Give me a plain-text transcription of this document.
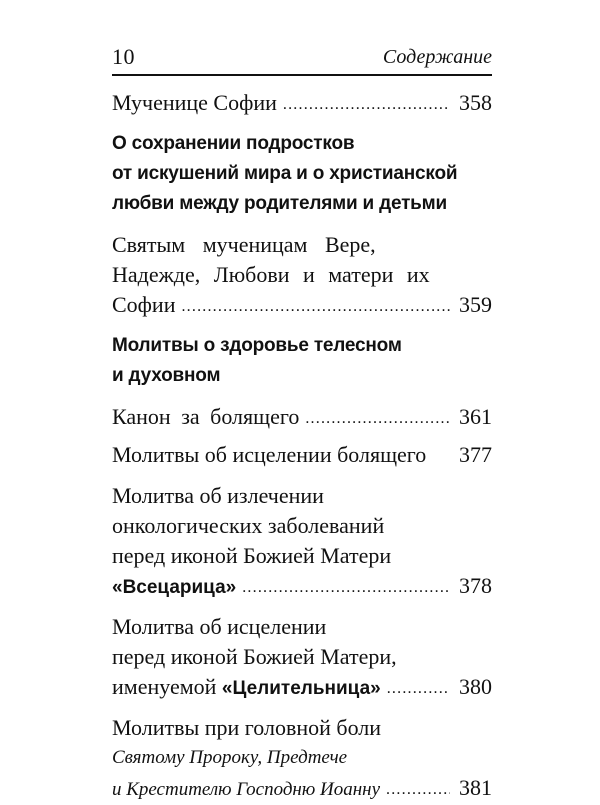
10	Содержание
Мученице Софии .....	358
О сохранении подростков
от искушений мира и о христианской
любви между родителями и детьми
Святым мученицам Вере,
Надежде, Любови и матери их
Софии .....	359
Молитвы о здоровье телесном
и духовном
Канон за болящего .....	361
Молитвы об исцелении болящего 377
Молитва об излечении
онкологических заболеваний
перед иконой Божией Матери
«Всецарица» .....	378
Молитва об исцелении
перед иконой Божией Матери,
именуемой «Целительница» .....	380
Молитвы при головной боли
Святому Пророку, Предтече
и Крестителю Господню Иоанну .....	381
